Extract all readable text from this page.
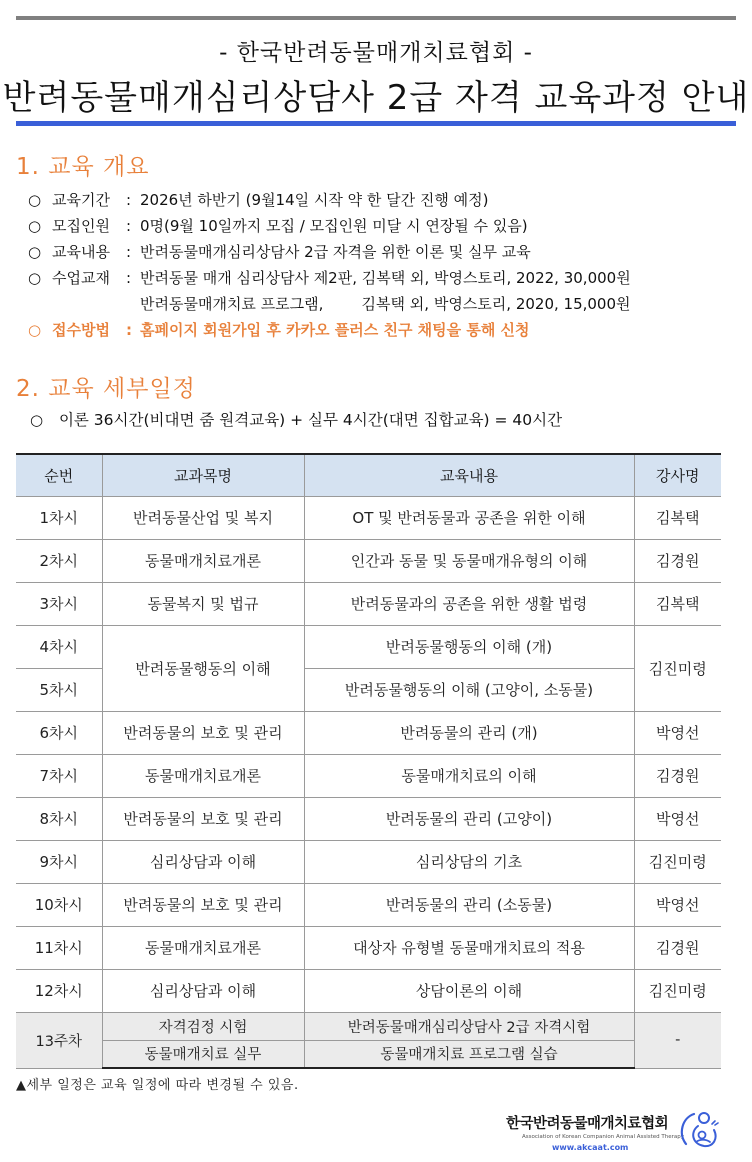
- 한국반려동물매개치료협회 -
반려동물매개심리상담사 2급 자격 교육과정 안내
1. 교육 개요
○ 교육기간	: 2026년 하반기 (9월14일 시작 약 한 달간 진행 예정)
○ 모집인원	: 0명(9월 10일까지 모집 / 모집인원 미달 시 연장될 수 있음)
○ 교육내용	: 반려동물매개심리상담사 2급 자격을 위한 이론 및 실무 교육
○ 수업교재	: 반려동물 매개 심리상담사 제2판, 김복택 외, 박영스토리, 2022, 30,000원
반려동물매개치료 프로그램,        김복택 외, 박영스토리, 2020, 15,000원
○ 접수방법	: 홈페이지 회원가입 후 카카오 플러스 친구 채팅을 통해 신청
2. 교육 세부일정
○ 이론 36시간(비대면 줌 원격교육) + 실무 4시간(대면 집합교육) = 40시간
순번	교과목명	교육내용	강사명
1차시	반려동물산업 및 복지	OT 및 반려동물과 공존을 위한 이해	김복택
2차시	동물매개치료개론	인간과 동물 및 동물매개유형의 이해	김경원
3차시	동물복지 및 법규	반려동물과의 공존을 위한 생활 법령	김복택
4차시	반려동물행동의 이해	반려동물행동의 이해 (개)	김진미령
5차시		반려동물행동의 이해 (고양이, 소동물)	
6차시	반려동물의 보호 및 관리	반려동물의 관리 (개)	박영선
7차시	동물매개치료개론	동물매개치료의 이해	김경원
8차시	반려동물의 보호 및 관리	반려동물의 관리 (고양이)	박영선
9차시	심리상담과 이해	심리상담의 기초	김진미령
10차시	반려동물의 보호 및 관리	반려동물의 관리 (소동물)	박영선
11차시	동물매개치료개론	대상자 유형별 동물매개치료의 적용	김경원
12차시	심리상담과 이해	상담이론의 이해	김진미령
13주차	자격검정 시험	반려동물매개심리상담사 2급 자격시험	-
	동물매개치료 실무	동물매개치료 프로그램 실습	
▲세부 일정은 교육 일정에 따라 변경될 수 있음.
한국반려동물매개치료협회
Association of Korean Companion Animal Assisted Therapy
www.akcaat.com
